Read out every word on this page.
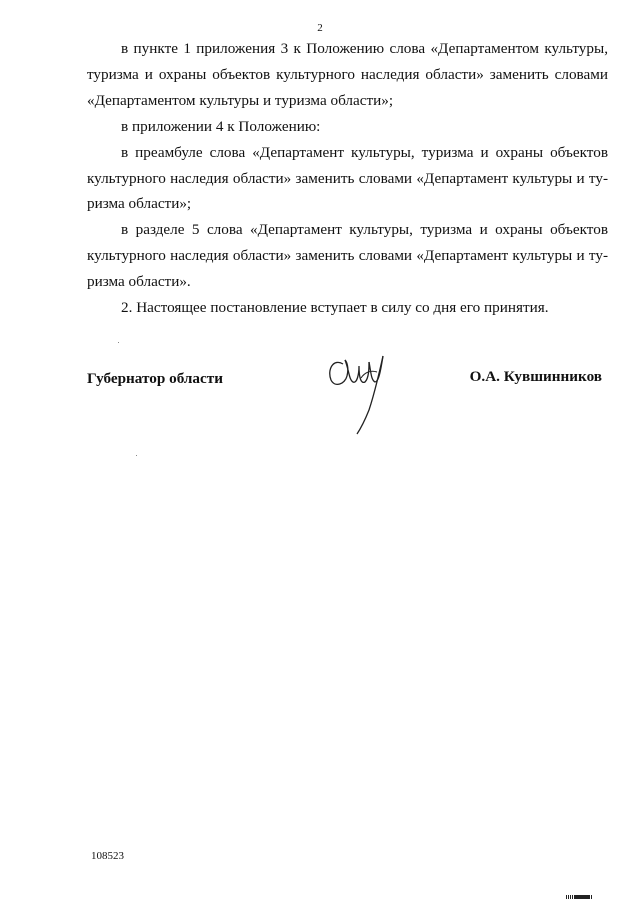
2

в пункте 1 приложения 3 к Положению слова «Департаментом культуры, туризма и охраны объектов культурного наследия области» заменить словами «Департаментом культуры и туризма области»;

в приложении 4 к Положению:

в преамбуле слова «Департамент культуры, туризма и охраны объектов культурного наследия области» заменить словами «Департамент культуры и туризма области»;

в разделе 5 слова «Департамент культуры, туризма и охраны объектов культурного наследия области» заменить словами «Департамент культуры и туризма области».

2. Настоящее постановление вступает в силу со дня его принятия.

Губернатор области	О.А. Кувшинников
108523
